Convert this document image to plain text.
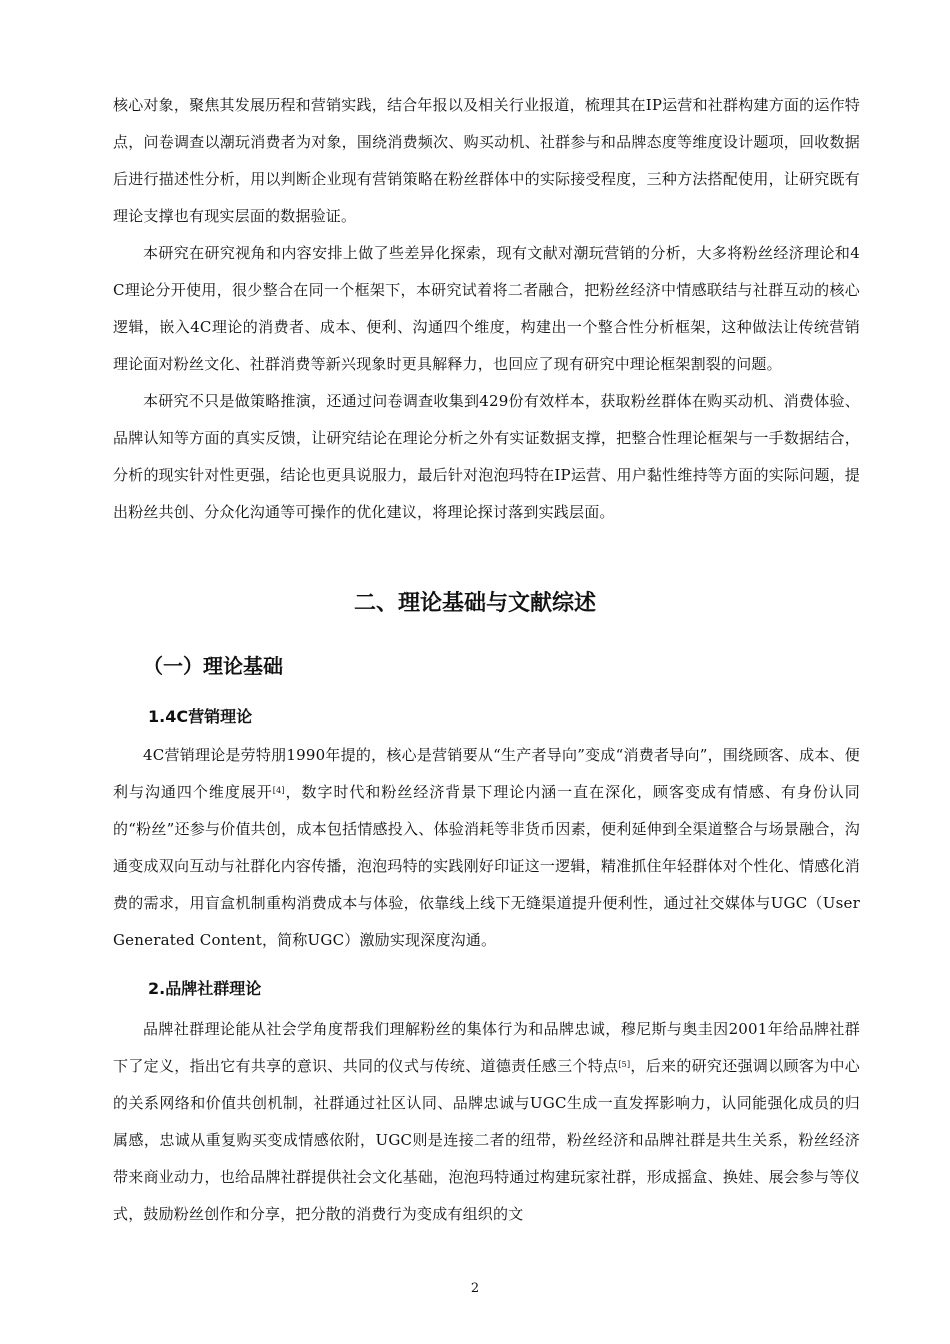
核心对象，聚焦其发展历程和营销实践，结合年报以及相关行业报道，梳理其在IP运营和社群构建方面的运作特点，问卷调查以潮玩消费者为对象，围绕消费频次、购买动机、社群参与和品牌态度等维度设计题项，回收数据后进行描述性分析，用以判断企业现有营销策略在粉丝群体中的实际接受程度，三种方法搭配使用，让研究既有理论支撑也有现实层面的数据验证。

本研究在研究视角和内容安排上做了些差异化探索，现有文献对潮玩营销的分析，大多将粉丝经济理论和4C理论分开使用，很少整合在同一个框架下，本研究试着将二者融合，把粉丝经济中情感联结与社群互动的核心逻辑，嵌入4C理论的消费者、成本、便利、沟通四个维度，构建出一个整合性分析框架，这种做法让传统营销理论面对粉丝文化、社群消费等新兴现象时更具解释力，也回应了现有研究中理论框架割裂的问题。

本研究不只是做策略推演，还通过问卷调查收集到429份有效样本，获取粉丝群体在购买动机、消费体验、品牌认知等方面的真实反馈，让研究结论在理论分析之外有实证数据支撑，把整合性理论框架与一手数据结合，分析的现实针对性更强，结论也更具说服力，最后针对泡泡玛特在IP运营、用户黏性维持等方面的实际问题，提出粉丝共创、分众化沟通等可操作的优化建议，将理论探讨落到实践层面。

二、理论基础与文献综述
（一）理论基础
1.4C营销理论

4C营销理论是劳特朋1990年提的，核心是营销要从“生产者导向”变成“消费者导向”，围绕顾客、成本、便利与沟通四个维度展开[4]，数字时代和粉丝经济背景下理论内涵一直在深化，顾客变成有情感、有身份认同的“粉丝”还参与价值共创，成本包括情感投入、体验消耗等非货币因素，便利延伸到全渠道整合与场景融合，沟通变成双向互动与社群化内容传播，泡泡玛特的实践刚好印证这一逻辑，精准抓住年轻群体对个性化、情感化消费的需求，用盲盒机制重构消费成本与体验，依靠线上线下无缝渠道提升便利性，通过社交媒体与UGC（User Generated Content，简称UGC）激励实现深度沟通。

2.品牌社群理论

品牌社群理论能从社会学角度帮我们理解粉丝的集体行为和品牌忠诚，穆尼斯与奥圭因2001年给品牌社群下了定义，指出它有共享的意识、共同的仪式与传统、道德责任感三个特点[5]，后来的研究还强调以顾客为中心的关系网络和价值共创机制，社群通过社区认同、品牌忠诚与UGC生成一直发挥影响力，认同能强化成员的归属感，忠诚从重复购买变成情感依附，UGC则是连接二者的纽带，粉丝经济和品牌社群是共生关系，粉丝经济带来商业动力，也给品牌社群提供社会文化基础，泡泡玛特通过构建玩家社群，形成摇盒、换娃、展会参与等仪式，鼓励粉丝创作和分享，把分散的消费行为变成有组织的文

2
